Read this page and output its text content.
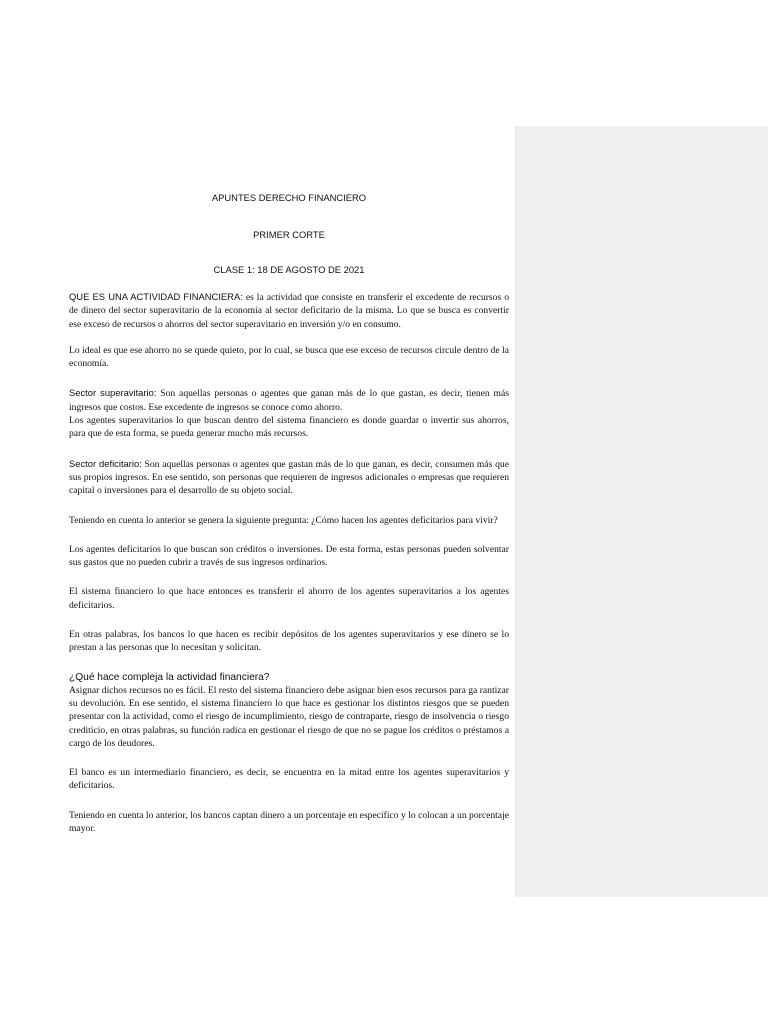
APUNTES DERECHO FINANCIERO

PRIMER CORTE

CLASE 1: 18 DE AGOSTO DE 2021

QUE ES UNA ACTIVIDAD FINANCIERA: es la actividad que consiste en transferir el excedente de recursos o de dinero del sector superavitario de la economía al sector deficitario de la misma. Lo que se busca es convertir ese exceso de recursos o ahorros del sector superavitario en inversión y/o en consumo.

Lo ideal es que ese ahorro no se quede quieto, por lo cual, se busca que ese exceso de recursos circule dentro de la economía.

Sector superavitario: Son aquellas personas o agentes que ganan más de lo que gastan, es decir, tienen más ingresos que costos. Ese excedente de ingresos se conoce como ahorro.

Los agentes superavitarios lo que buscan dentro del sistema financiero es donde guardar o invertir sus ahorros, para que de esta forma, se pueda generar mucho más recursos.

Sector deficitario: Son aquellas personas o agentes que gastan más de lo que ganan, es decir, consumen más que sus propios ingresos. En ese sentido, son personas que requieren de ingresos adicionales o empresas que requieren capital o inversiones para el desarrollo de su objeto social.

Teniendo en cuenta lo anterior se genera la siguiente pregunta: ¿Cómo hacen los agentes deficitarios para vivir?

Los agentes deficitarios lo que buscan son créditos o inversiones. De esta forma, estas personas pueden solventar sus gastos que no pueden cubrir a través de sus ingresos ordinarios.

El sistema financiero lo que hace entonces es transferir el ahorro de los agentes superavitarios a los agentes deficitarios.

En otras palabras, los bancos lo que hacen es recibir depósitos de los agentes superavitarios y ese dinero se lo prestan a las personas que lo necesitan y solicitan.

¿Qué hace compleja la actividad financiera?

Asignar dichos recursos no es fácil. El resto del sistema financiero debe asignar bien esos recursos para ga rantizar su devolución. En ese sentido, el sistema financiero lo que hace es gestionar los distintos riesgos que se pueden presentar con la actividad, como el riesgo de incumplimiento, riesgo de contraparte, riesgo de insolvencia o riesgo crediticio, en otras palabras, su función radica en gestionar el riesgo de que no se pague los créditos o préstamos a cargo de los deudores.

El banco es un intermediario financiero, es decir, se encuentra en la mitad entre los agentes superavitarios y deficitarios.

Teniendo en cuenta lo anterior, los bancos captan dinero a un porcentaje en específico y lo colocan a un porcentaje mayor.
